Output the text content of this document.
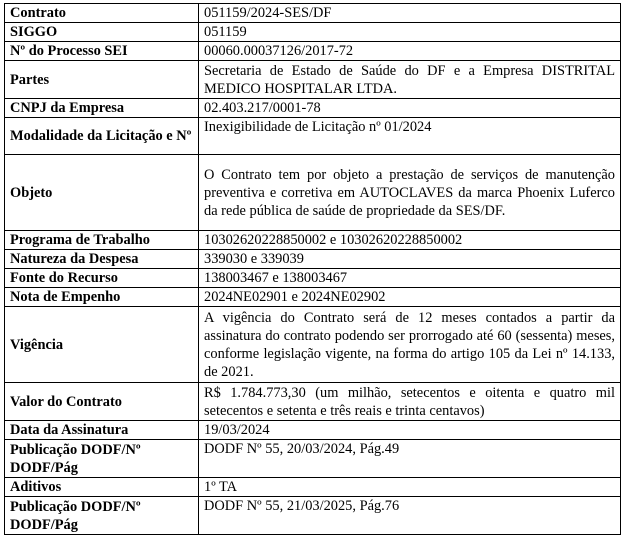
Contrato	051159/2024-SES/DF
SIGGO	051159
Nº do Processo SEI	00060.00037126/2017-72
Partes	Secretaria de Estado de Saúde do DF e a Empresa DISTRITAL MEDICO HOSPITALAR LTDA.
CNPJ da Empresa	02.403.217/0001-78
Modalidade da Licitação e Nº	Inexigibilidade de Licitação nº 01/2024
Objeto	O Contrato tem por objeto a prestação de serviços de manutenção preventiva e corretiva em AUTOCLAVES da marca Phoenix Luferco da rede pública de saúde de propriedade da SES/DF.
Programa de Trabalho	10302620228850002 e 10302620228850002
Natureza da Despesa	339030 e 339039
Fonte do Recurso	138003467 e 138003467
Nota de Empenho	2024NE02901 e 2024NE02902
Vigência	A vigência do Contrato será de 12 meses contados a partir da assinatura do contrato podendo ser prorrogado até 60 (sessenta) meses, conforme legislação vigente, na forma do artigo 105 da Lei nº 14.133, de 2021.
Valor do Contrato	R$ 1.784.773,30 (um milhão, setecentos e oitenta e quatro mil setecentos e setenta e três reais e trinta centavos)
Data da Assinatura	19/03/2024
Publicação DODF/Nº DODF/Pág	DODF Nº 55, 20/03/2024, Pág.49
Aditivos	1º TA
Publicação DODF/Nº DODF/Pág	DODF Nº 55, 21/03/2025, Pág.76
